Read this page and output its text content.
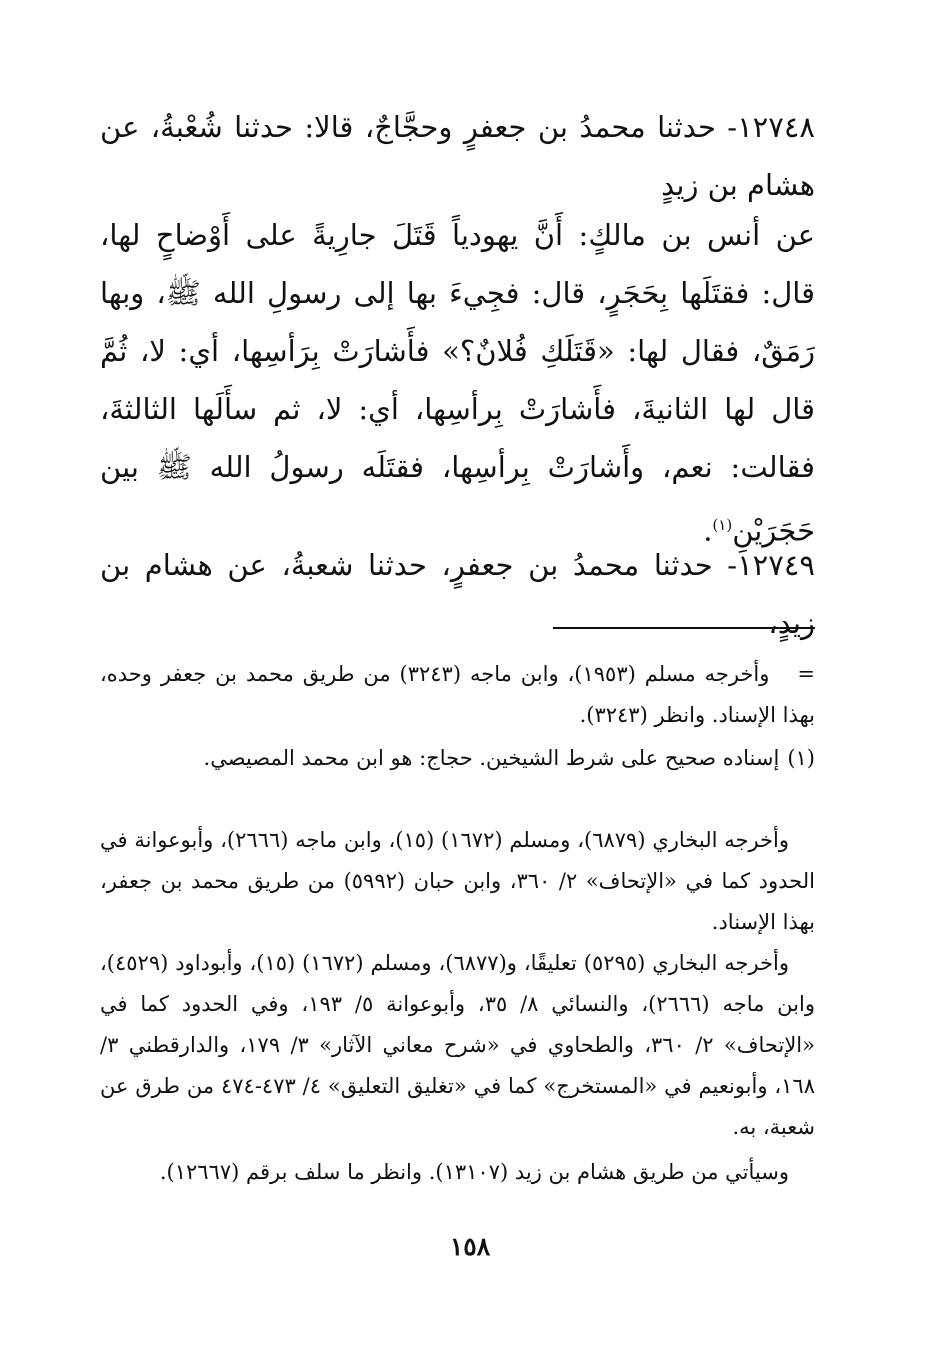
١٢٧٤٨- حدثنا محمدُ بن جعفرٍ وحجَّاجٌ، قالا: حدثنا شُعْبةُ، عن هشام بن زيدٍ

عن أنس بن مالكٍ: أَنَّ يهودياً قَتَلَ جارِيةً على أَوْضاحٍ لها، قال: فقتَلَها بِحَجَرٍ، قال: فجِيءَ بها إلى رسولِ الله ﷺ، وبها رَمَقٌ، فقال لها: «قَتَلَكِ فُلانٌ؟» فأَشارَتْ بِرَأسِها، أي: لا، ثُمَّ قال لها الثانيةَ، فأَشارَتْ بِرأسِها، أي: لا، ثم سأَلَها الثالثةَ، فقالت: نعم، وأَشارَتْ بِرأسِها، فقتَلَه رسولُ الله ﷺ بين حَجَرَيْنِ$^{(١)}$.

١٢٧٤٩- حدثنا محمدُ بن جعفرٍ، حدثنا شعبةُ، عن هشام بن زيدٍ،

=وأخرجه مسلم (١٩٥٣)، وابن ماجه (٣٢٤٣) من طريق محمد بن جعفر وحده، بهذا الإسناد. وانظر (٣٢٤٣).

(١)إسناده صحيح على شرط الشيخين. حجاج: هو ابن محمد المصيصي.

وأخرجه البخاري (٦٨٧٩)، ومسلم (١٦٧٢) (١٥)، وابن ماجه (٢٦٦٦)، وأبوعوانة في الحدود كما في «الإتحاف» ٢/ ٣٦٠، وابن حبان (٥٩٩٢) من طريق محمد بن جعفر، بهذا الإسناد.

وأخرجه البخاري (٥٢٩٥) تعليقًا، و(٦٨٧٧)، ومسلم (١٦٧٢) (١٥)، وأبوداود (٤٥٢٩)، وابن ماجه (٢٦٦٦)، والنسائي ٨/ ٣٥، وأبوعوانة ٥/ ١٩٣، وفي الحدود كما في «الإتحاف» ٢/ ٣٦٠، والطحاوي في «شرح معاني الآثار» ٣/ ١٧٩، والدارقطني ٣/ ١٦٨، وأبونعيم في «المستخرج» كما في «تغليق التعليق» ٤/ ٤٧٣-٤٧٤ من طرق عن شعبة، به.

وسيأتي من طريق هشام بن زيد (١٣١٠٧). وانظر ما سلف برقم (١٢٦٦٧).

١٥٨
